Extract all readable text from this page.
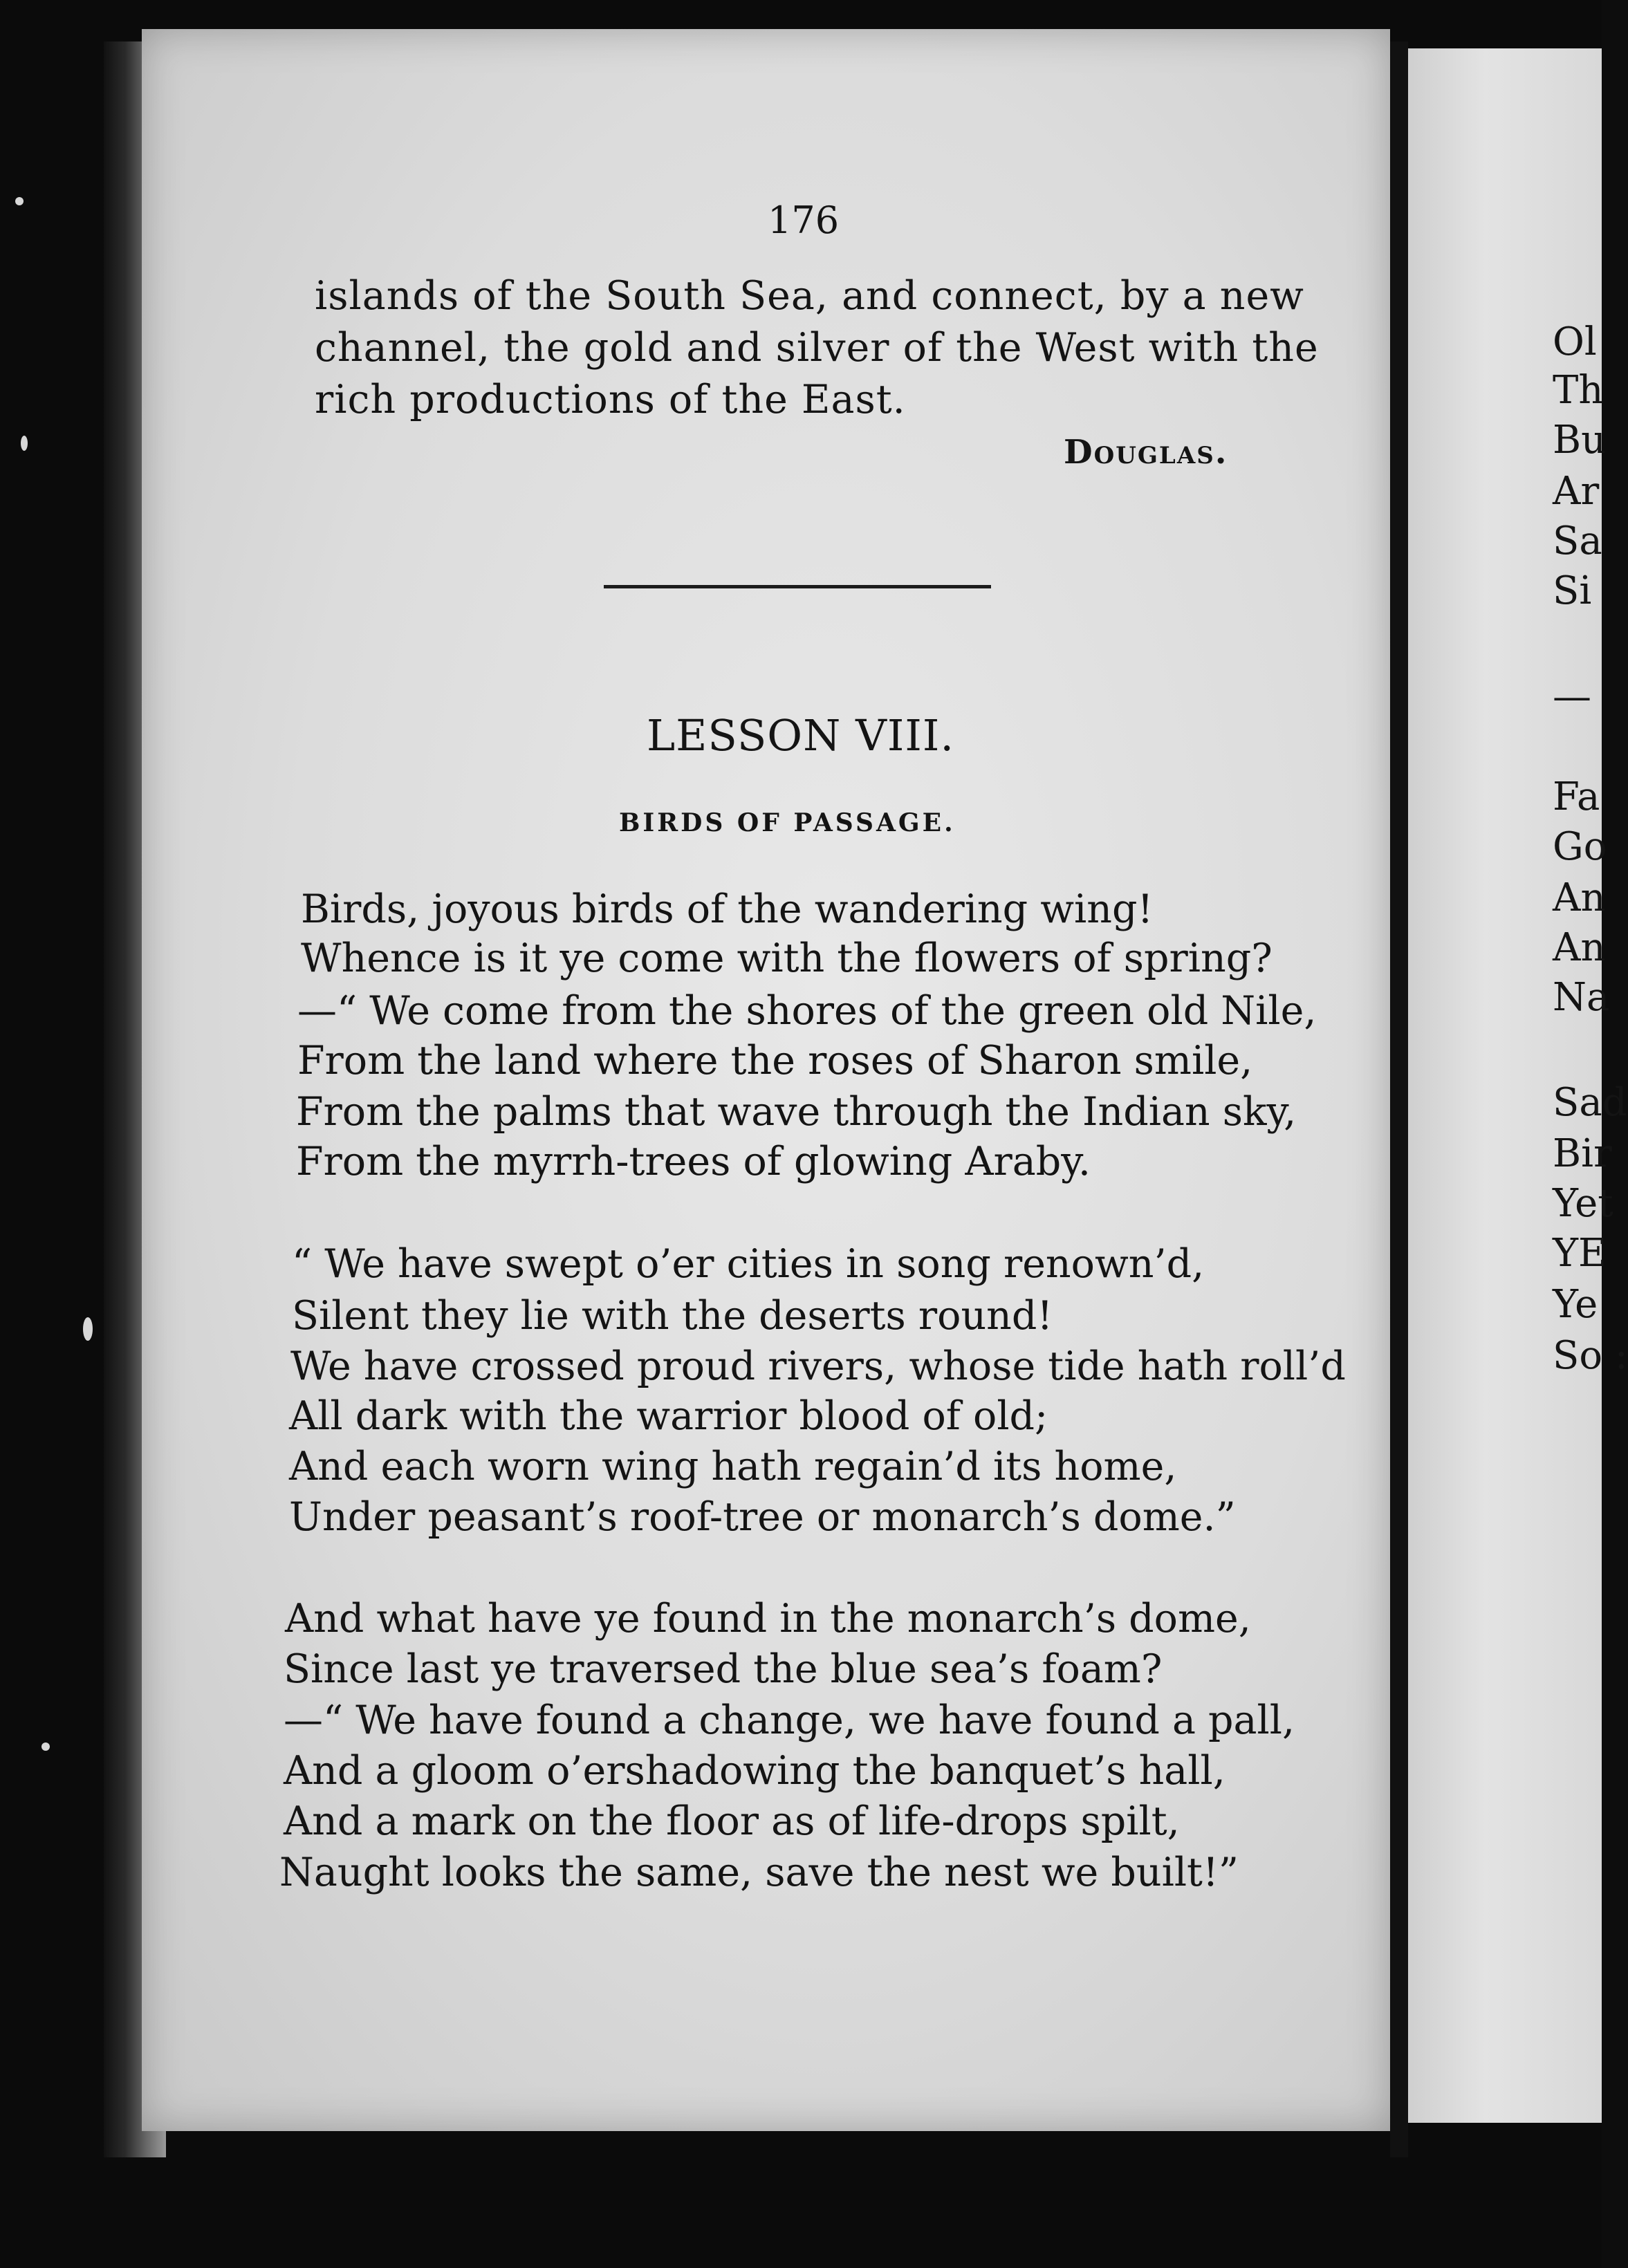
176
islands of the South Sea, and connect, by a new
channel, the gold and silver of the West with the
rich productions of the East.
Douglas.
LESSON VIII.
BIRDS OF PASSAGE.
Birds, joyous birds of the wandering wing!
Whence is it ye come with the flowers of spring?
—“ We come from the shores of the green old Nile,
From the land where the roses of Sharon smile,
From the palms that wave through the Indian sky,
From the myrrh-trees of glowing Araby.
“ We have swept o’er cities in song renown’d,
Silent they lie with the deserts round!
We have crossed proud rivers, whose tide hath roll’d
All dark with the warrior blood of old;
And each worn wing hath regain’d its home,
Under peasant’s roof-tree or monarch’s dome.”
And what have ye found in the monarch’s dome,
Since last ye traversed the blue sea’s foam?
—“ We have found a change, we have found a pall,
And a gloom o’ershadowing the banquet’s hall,
And a mark on the floor as of life-drops spilt,
Naught looks the same, save the nest we built!”
Ol
Th
Bu
Ar
Sa
Si
—
Fa
Go
An
An
Na
Sad
Bir
Yet
YE
Ye
So :
